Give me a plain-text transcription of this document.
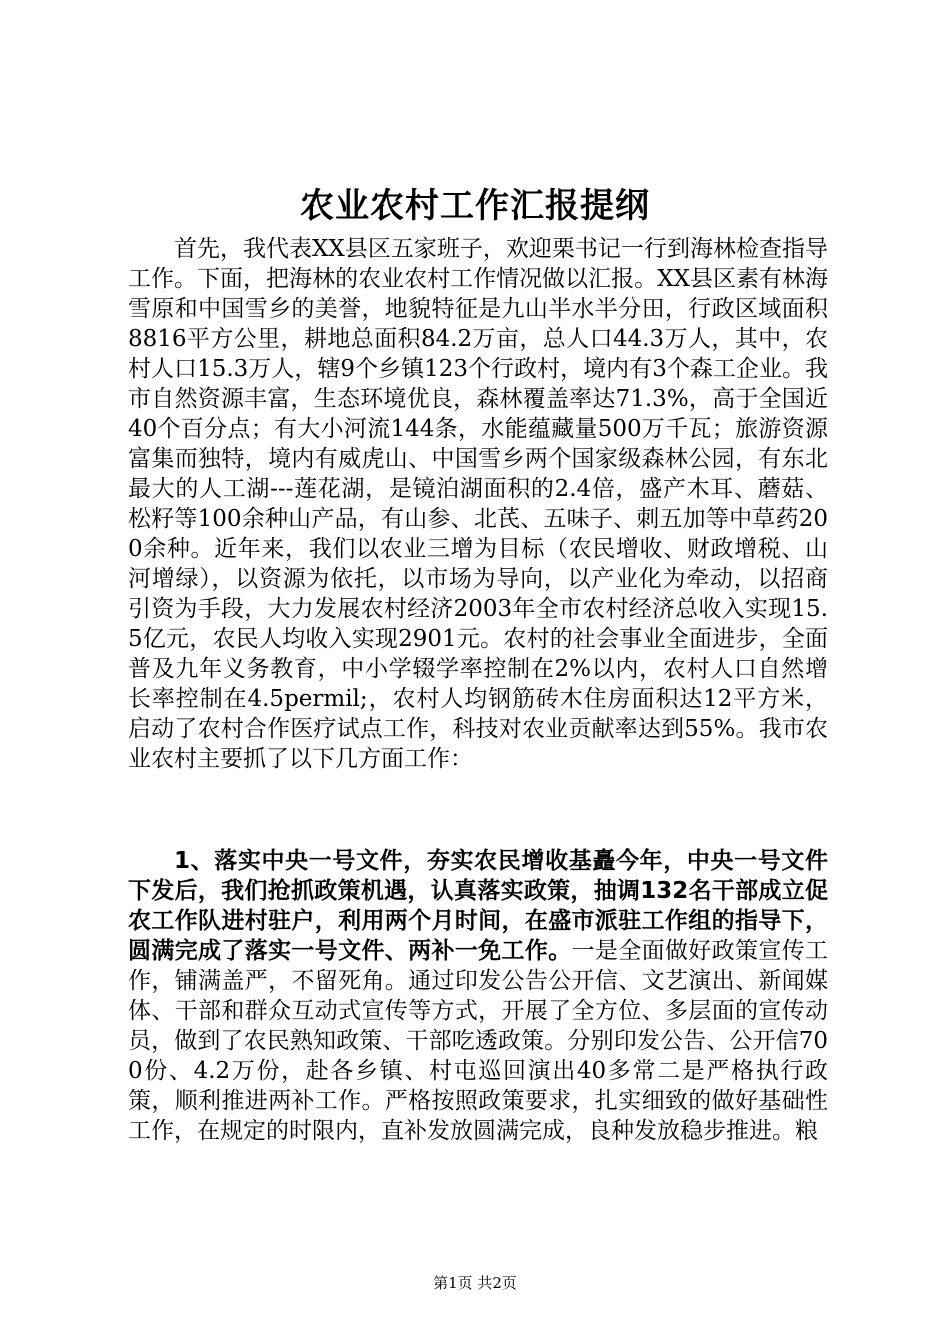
农业农村工作汇报提纲

首先，我代表XX县区五家班子，欢迎栗书记一行到海林检查指导工作。下面，把海林的农业农村工作情况做以汇报。XX县区素有林海雪原和中国雪乡的美誉，地貌特征是九山半水半分田，行政区域面积8816平方公里，耕地总面积84.2万亩，总人口44.3万人，其中，农村人口15.3万人，辖9个乡镇123个行政村，境内有3个森工企业。我市自然资源丰富，生态环境优良，森林覆盖率达71.3%，高于全国近40个百分点；有大小河流144条，水能蕴藏量500万千瓦；旅游资源富集而独特，境内有威虎山、中国雪乡两个国家级森林公园，有东北最大的人工湖---莲花湖，是镜泊湖面积的2.4倍，盛产木耳、蘑菇、松籽等100余种山产品，有山参、北芪、五味子、刺五加等中草药200余种。近年来，我们以农业三增为目标（农民增收、财政增税、山河增绿），以资源为依托，以市场为导向，以产业化为牵动，以招商引资为手段，大力发展农村经济2003年全市农村经济总收入实现15.5亿元，农民人均收入实现2901元。农村的社会事业全面进步，全面普及九年义务教育，中小学辍学率控制在2%以内，农村人口自然增长率控制在4.5permil;，农村人均钢筋砖木住房面积达12平方米，启动了农村合作医疗试点工作，科技对农业贡献率达到55%。我市农业农村主要抓了以下几方面工作：

1、落实中央一号文件，夯实农民增收基矗今年，中央一号文件下发后，我们抢抓政策机遇，认真落实政策，抽调132名干部成立促农工作队进村驻户，利用两个月时间，在盛市派驻工作组的指导下，圆满完成了落实一号文件、两补一免工作。一是全面做好政策宣传工作，铺满盖严，不留死角。通过印发公告公开信、文艺演出、新闻媒体、干部和群众互动式宣传等方式，开展了全方位、多层面的宣传动员，做到了农民熟知政策、干部吃透政策。分别印发公告、公开信700份、4.2万份，赴各乡镇、村屯巡回演出40多常二是严格执行政策，顺利推进两补工作。严格按照政策要求，扎实细致的做好基础性工作，在规定的时限内，直补发放圆满完成，良种发放稳步推进。粮

第1页 共2页
